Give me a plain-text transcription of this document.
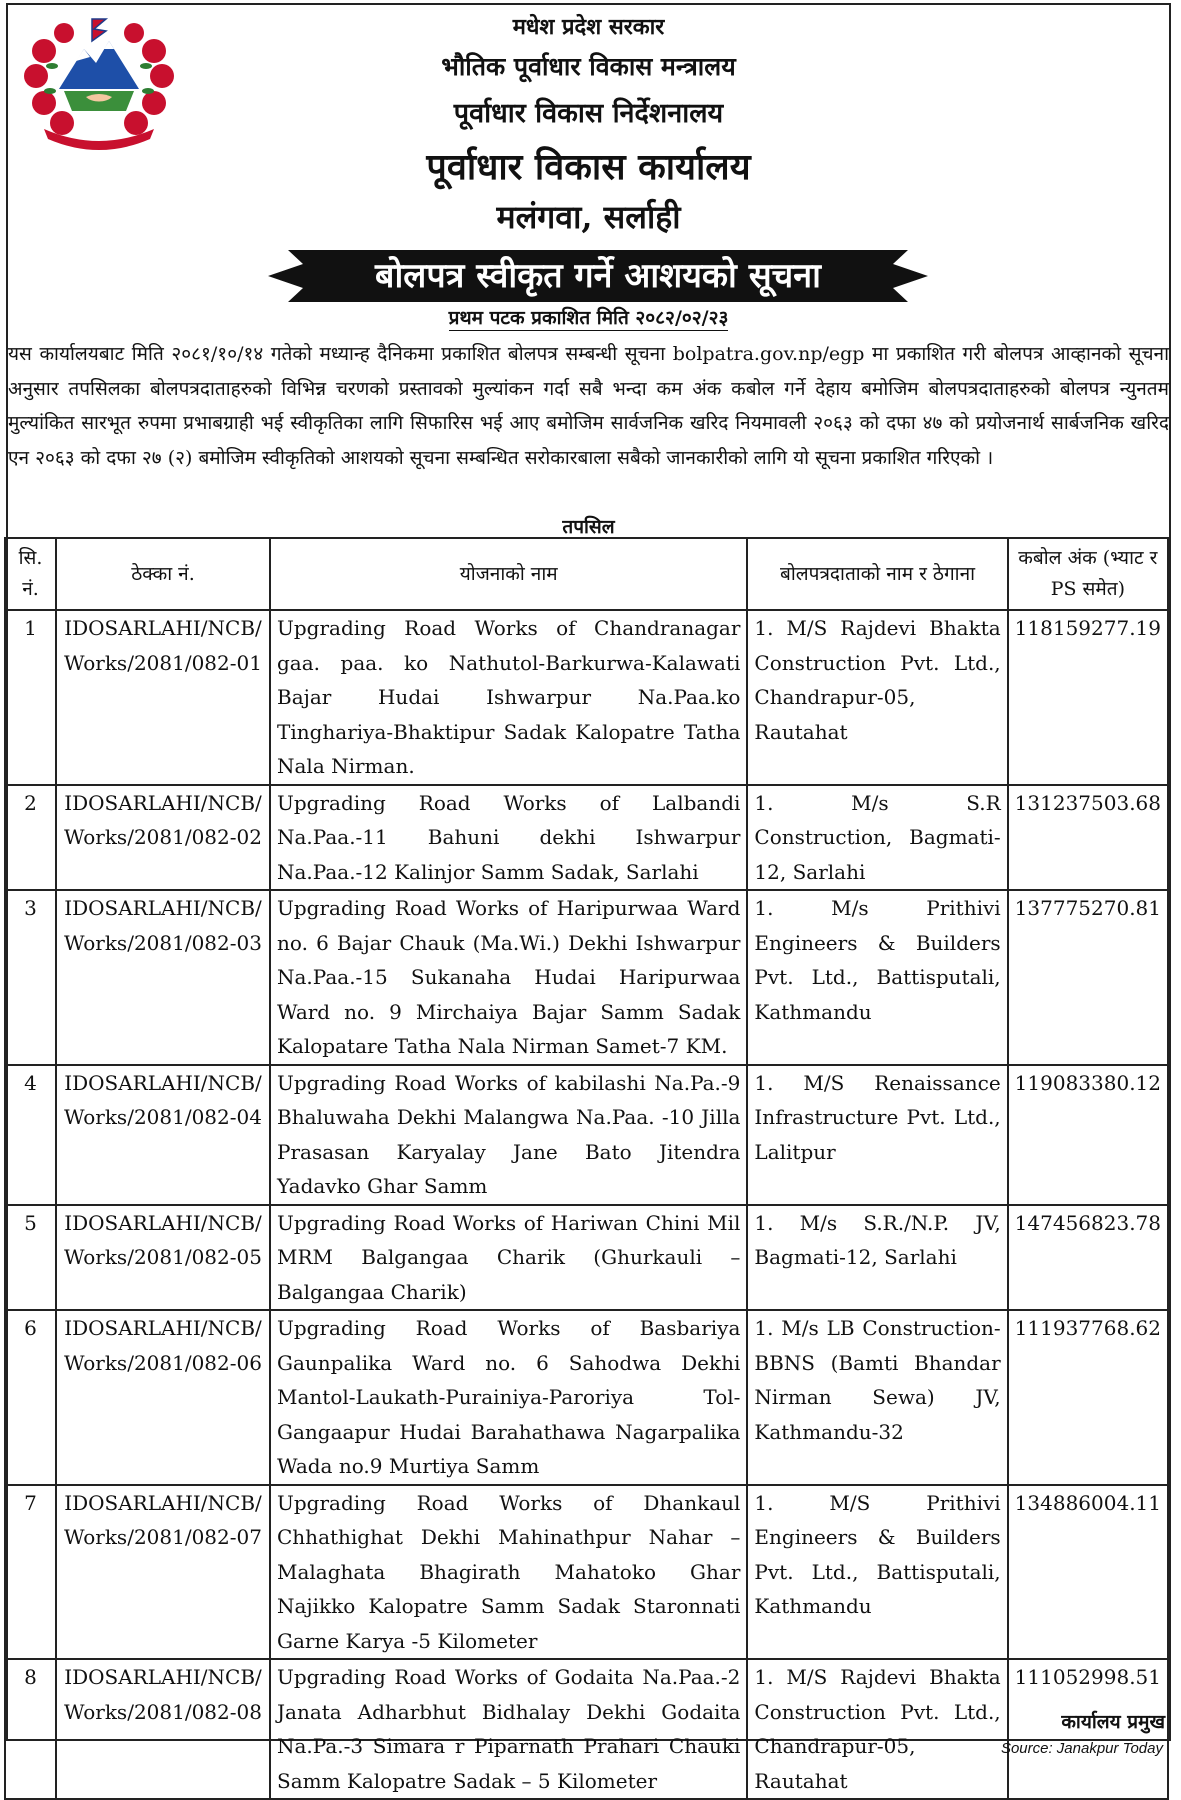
मधेश प्रदेश सरकार
भौतिक पूर्वाधार विकास मन्त्रालय
पूर्वाधार विकास निर्देशनालय
पूर्वाधार विकास कार्यालय
मलंगवा, सर्लाही
बोलपत्र स्वीकृत गर्ने आशयको सूचना
प्रथम पटक प्रकाशित मिति २०८२/०२/२३
यस कार्यालयबाट मिति २०८१/१०/१४ गतेको मध्यान्ह दैनिकमा प्रकाशित बोलपत्र सम्बन्धी सूचना bolpatra.gov.np/egp मा प्रकाशित गरी बोलपत्र आव्हानको सूचना अनुसार तपसिलका बोलपत्रदाताहरुको विभिन्न चरणको प्रस्तावको मुल्यांकन गर्दा सबै भन्दा कम अंक कबोल गर्ने देहाय बमोजिम बोलपत्रदाताहरुको बोलपत्र न्युनतम मुल्यांकित सारभूत रुपमा प्रभाबग्राही भई स्वीकृतिका लागि सिफारिस भई आए बमोजिम सार्वजनिक खरिद नियमावली २०६३ को दफा ४७ को प्रयोजनार्थ सार्बजनिक खरिद एन २०६३ को दफा २७ (२) बमोजिम स्वीकृतिको आशयको सूचना सम्बन्धित सरोकारबाला सबैको जानकारीको लागि यो सूचना प्रकाशित गरिएको ।
तपसिल
सि. नं.	ठेक्का नं.	योजनाको नाम	बोलपत्रदाताको नाम र ठेगाना	कबोल अंक (भ्याट र PS समेत)
1	IDOSARLAHI/NCB/ Works/2081/082-01	Upgrading Road Works of Chandranagar gaa. paa. ko Nathutol-Barkurwa-Kalawati Bajar Hudai Ishwarpur Na.Paa.ko Tinghariya-Bhaktipur Sadak Kalopatre Tatha Nala Nirman.	1. M/S Rajdevi Bhakta Construction Pvt. Ltd., Chandrapur-05, Rautahat	118159277.19
2	IDOSARLAHI/NCB/ Works/2081/082-02	Upgrading Road Works of Lalbandi Na.Paa.-11 Bahuni dekhi Ishwarpur Na.Paa.-12 Kalinjor Samm Sadak, Sarlahi	1. M/s S.R Construction, Bagmati-12, Sarlahi	131237503.68
3	IDOSARLAHI/NCB/ Works/2081/082-03	Upgrading Road Works of Haripurwaa Ward no. 6 Bajar Chauk (Ma.Wi.) Dekhi Ishwarpur Na.Paa.-15 Sukanaha Hudai Haripurwaa Ward no. 9 Mirchaiya Bajar Samm Sadak Kalopatare Tatha Nala Nirman Samet-7 KM.	1. M/s Prithivi Engineers & Builders Pvt. Ltd., Battisputali, Kathmandu	137775270.81
4	IDOSARLAHI/NCB/ Works/2081/082-04	Upgrading Road Works of kabilashi Na.Pa.-9 Bhaluwaha Dekhi Malangwa Na.Paa. -10 Jilla Prasasan Karyalay Jane Bato Jitendra Yadavko Ghar Samm	1. M/S Renaissance Infrastructure Pvt. Ltd., Lalitpur	119083380.12
5	IDOSARLAHI/NCB/ Works/2081/082-05	Upgrading Road Works of Hariwan Chini Mil MRM Balgangaa Charik (Ghurkauli – Balgangaa Charik)	1. M/s S.R./N.P. JV, Bagmati-12, Sarlahi	147456823.78
6	IDOSARLAHI/NCB/ Works/2081/082-06	Upgrading Road Works of Basbariya Gaunpalika Ward no. 6 Sahodwa Dekhi Mantol-Laukath-Purainiya-Paroriya Tol-Gangaapur Hudai Barahathawa Nagarpalika Wada no.9 Murtiya Samm	1. M/s LB Construction-BBNS (Bamti Bhandar Nirman Sewa) JV, Kathmandu-32	111937768.62
7	IDOSARLAHI/NCB/ Works/2081/082-07	Upgrading Road Works of Dhankaul Chhathighat Dekhi Mahinathpur Nahar –Malaghata Bhagirath Mahatoko Ghar Najikko Kalopatre Samm Sadak Staronnati Garne Karya -5 Kilometer	1. M/S Prithivi Engineers & Builders Pvt. Ltd., Battisputali, Kathmandu	134886004.11
8	IDOSARLAHI/NCB/ Works/2081/082-08	Upgrading Road Works of Godaita Na.Paa.-2 Janata Adharbhut Bidhalay Dekhi Godaita Na.Pa.-3 Simara r Piparnath Prahari Chauki Samm Kalopatre Sadak – 5 Kilometer	1. M/S Rajdevi Bhakta Construction Pvt. Ltd., Chandrapur-05, Rautahat	111052998.51
कार्यालय प्रमुख
Source: Janakpur Today
